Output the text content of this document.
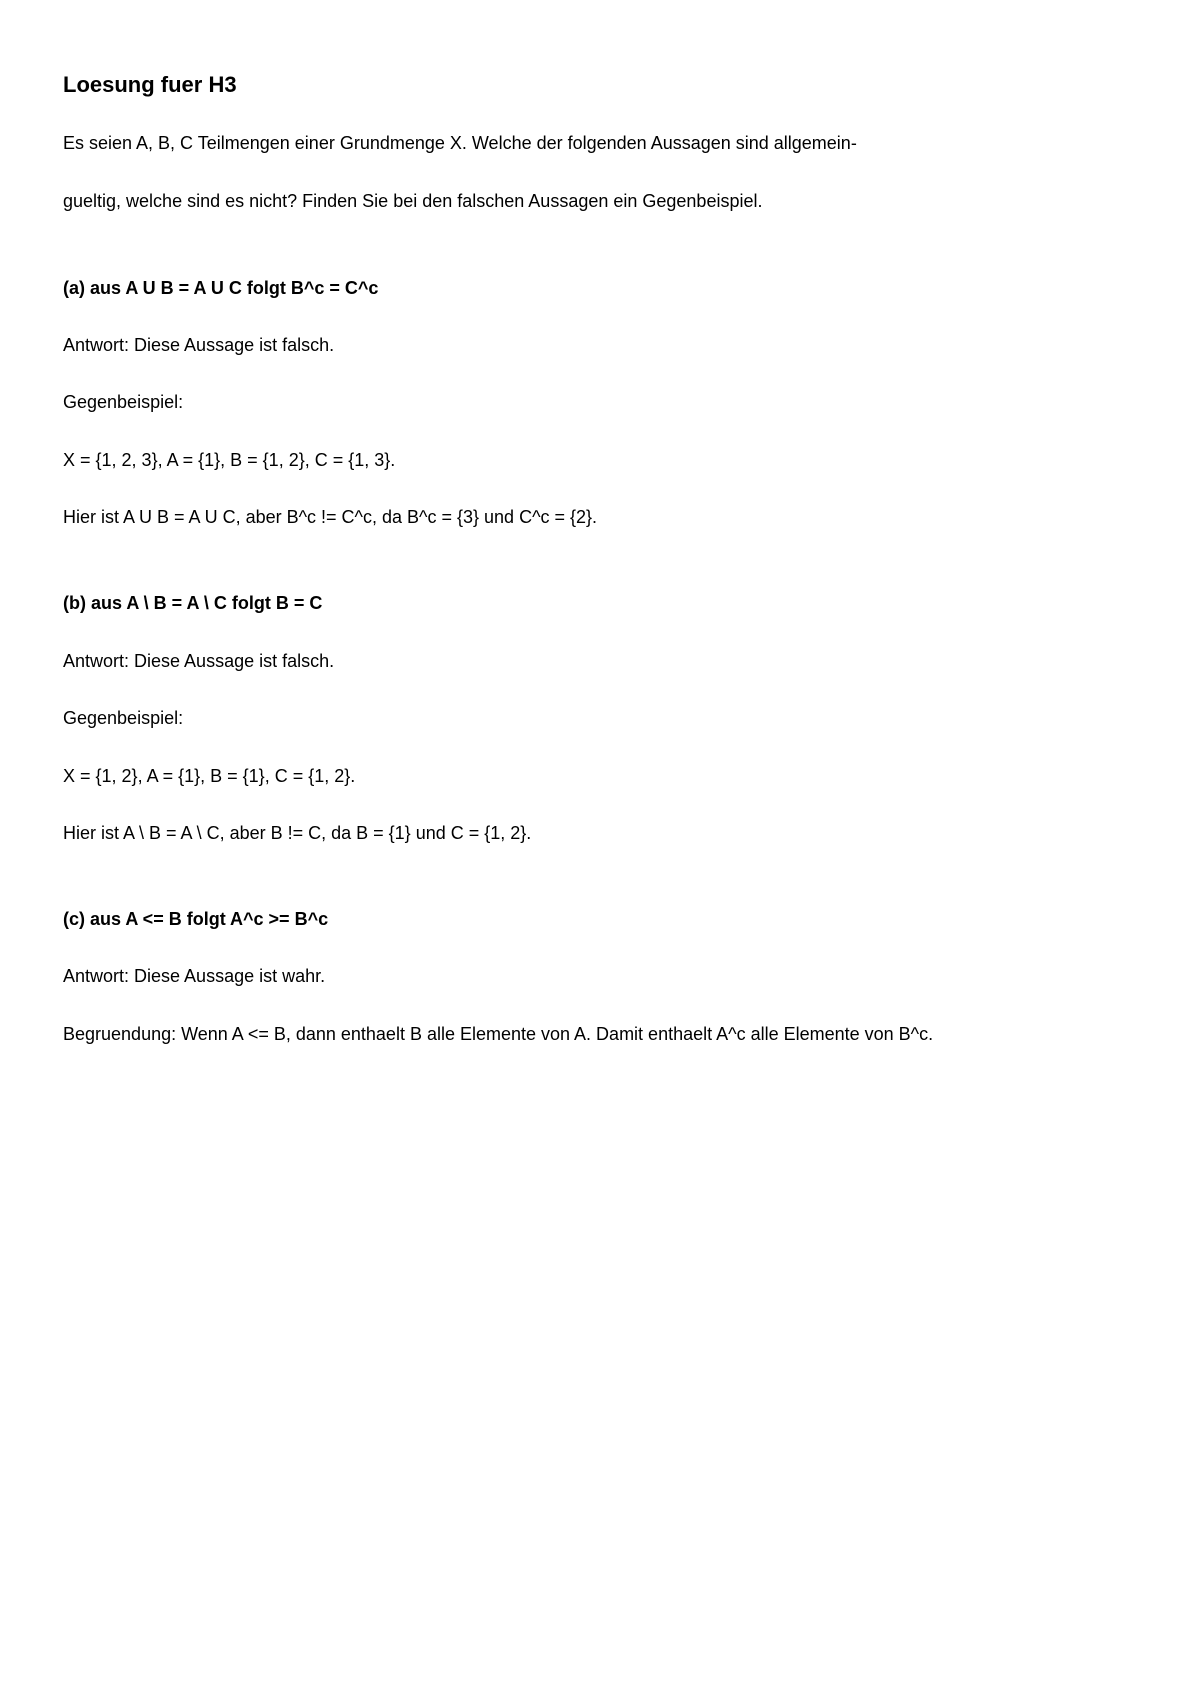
Loesung fuer H3
Es seien A, B, C Teilmengen einer Grundmenge X. Welche der folgenden Aussagen sind allgemein-
gueltig, welche sind es nicht? Finden Sie bei den falschen Aussagen ein Gegenbeispiel.
(a) aus A U B = A U C folgt B^c = C^c
Antwort: Diese Aussage ist falsch.
Gegenbeispiel:
X = {1, 2, 3}, A = {1}, B = {1, 2}, C = {1, 3}.
Hier ist A U B = A U C, aber B^c != C^c, da B^c = {3} und C^c = {2}.
(b) aus A \ B = A \ C folgt B = C
Antwort: Diese Aussage ist falsch.
Gegenbeispiel:
X = {1, 2}, A = {1}, B = {1}, C = {1, 2}.
Hier ist A \ B = A \ C, aber B != C, da B = {1} und C = {1, 2}.
(c) aus A <= B folgt A^c >= B^c
Antwort: Diese Aussage ist wahr.
Begruendung: Wenn A <= B, dann enthaelt B alle Elemente von A. Damit enthaelt A^c alle Elemente von B^c.
